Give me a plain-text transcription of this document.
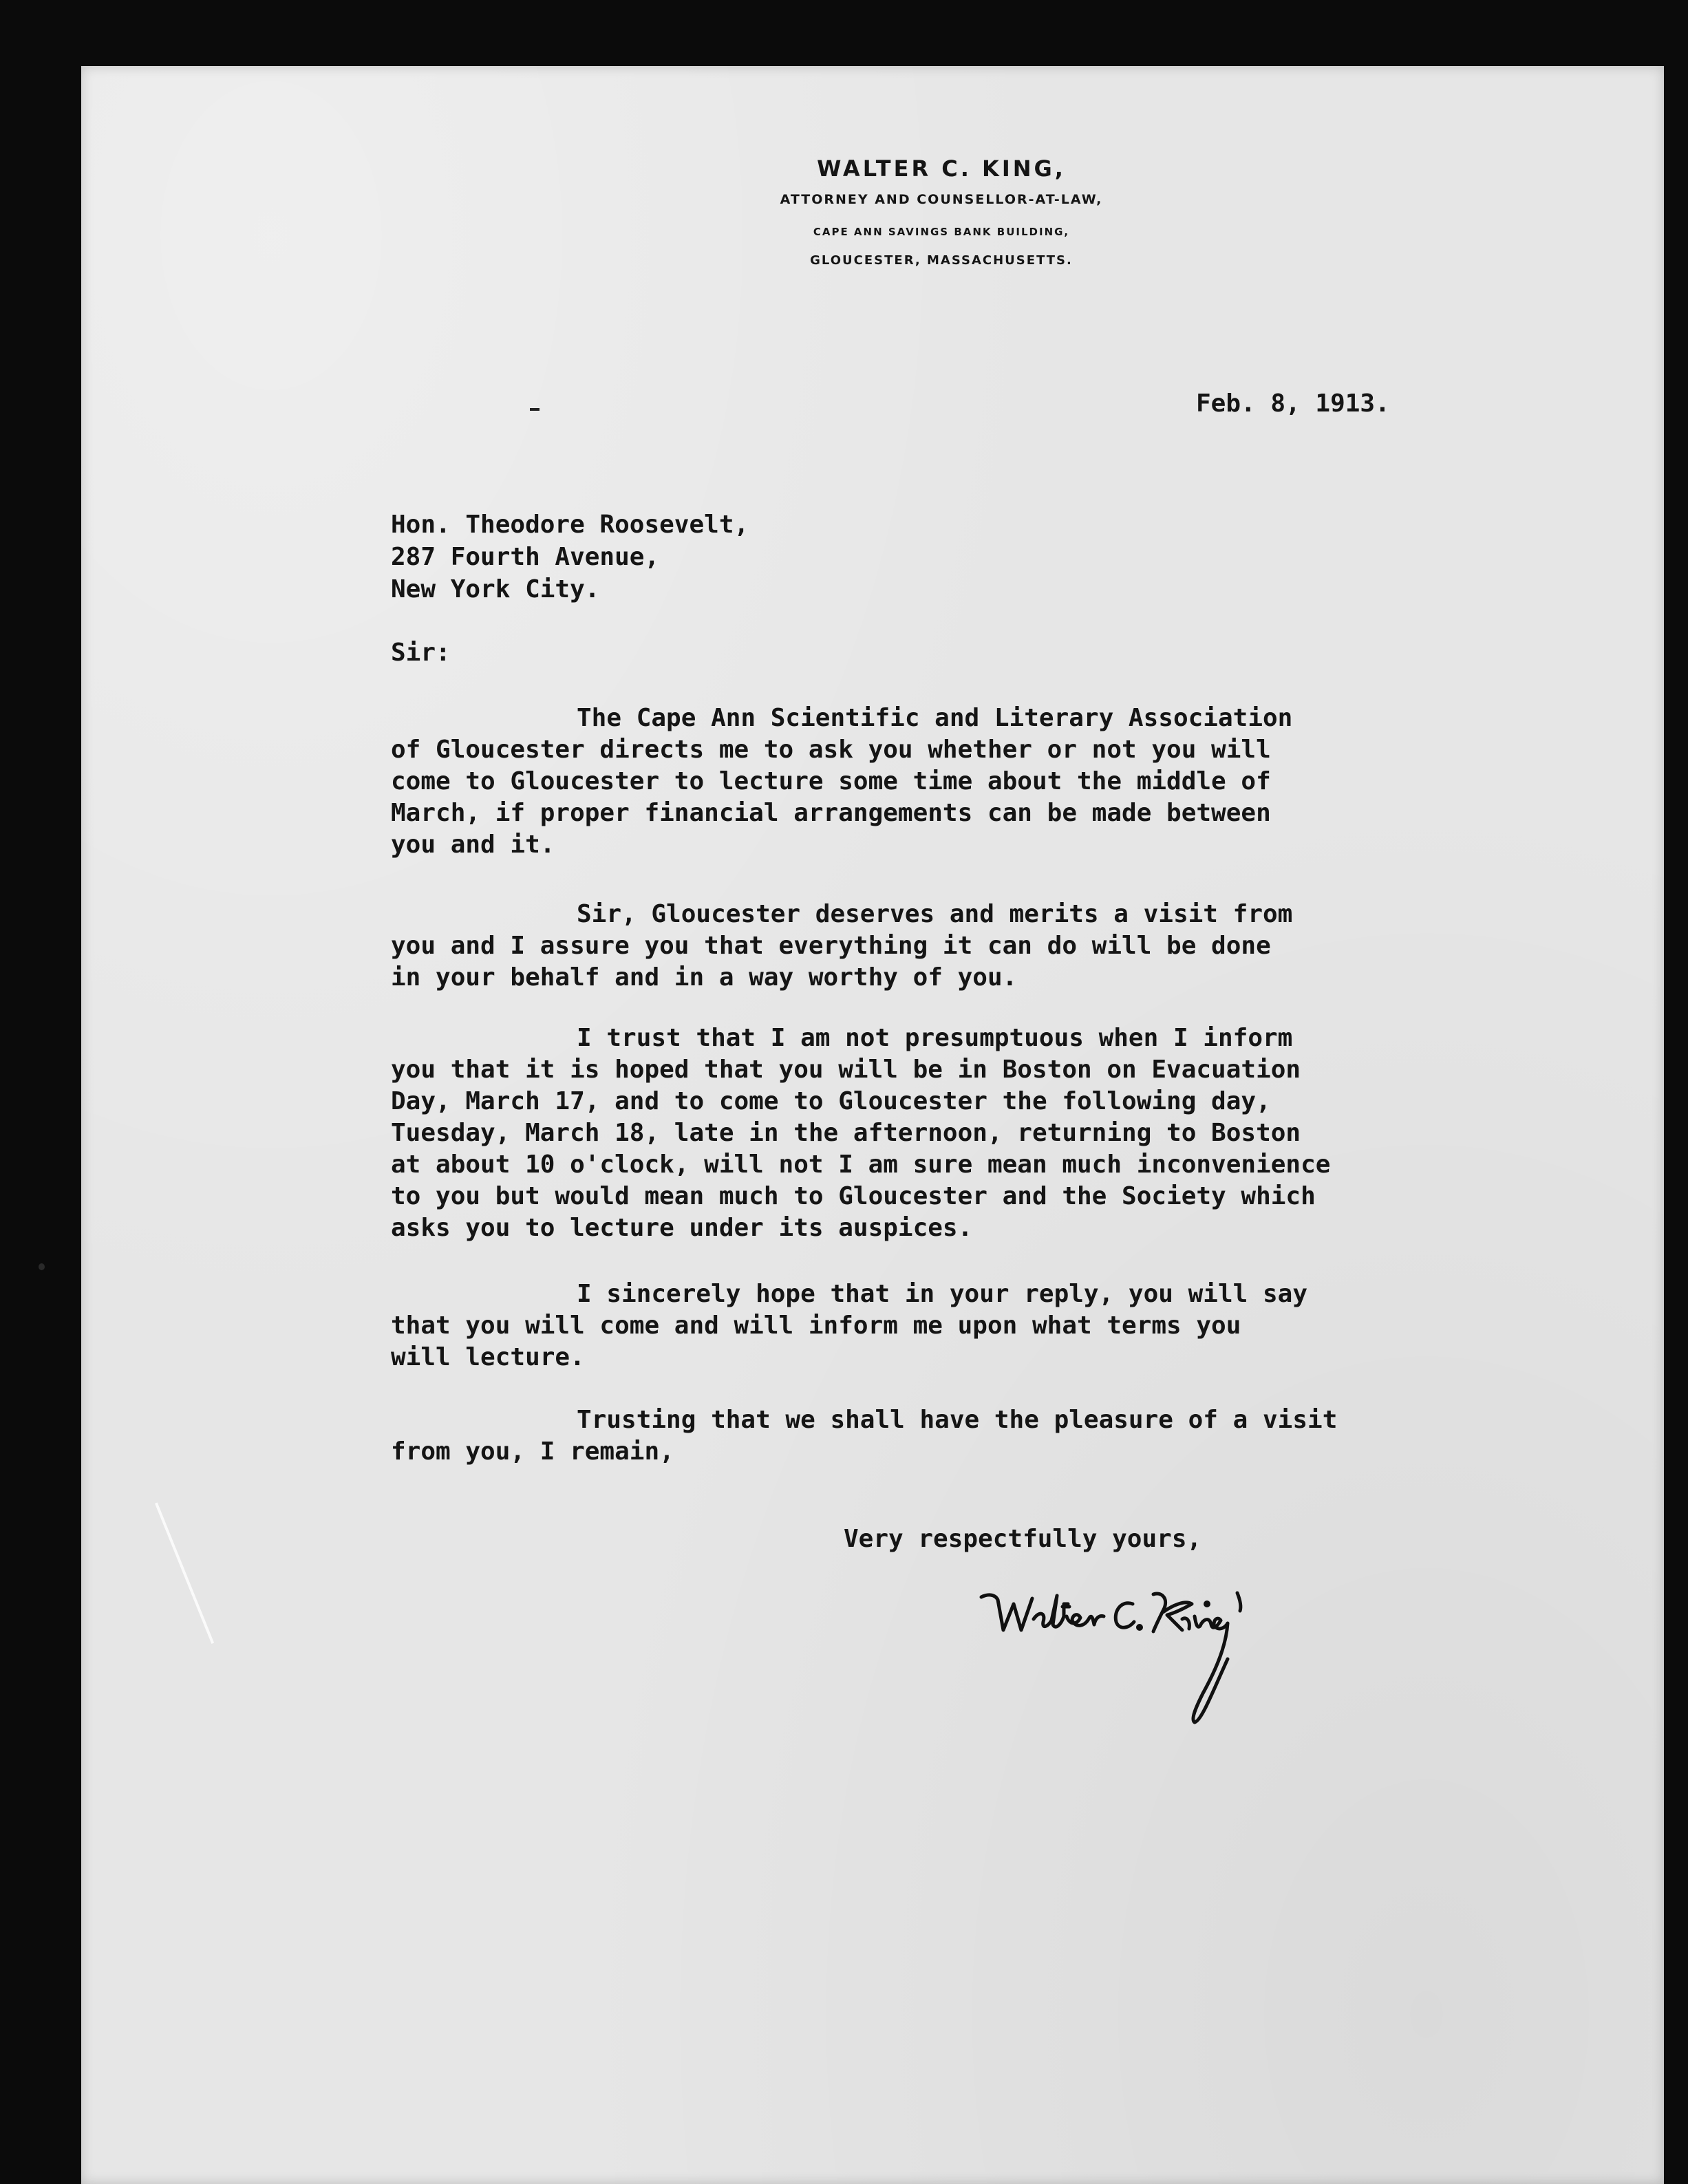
WALTER C. KING,
ATTORNEY AND COUNSELLOR-AT-LAW,
CAPE ANN SAVINGS BANK BUILDING,
GLOUCESTER, MASSACHUSETTS.
Feb. 8, 1913.
Hon. Theodore Roosevelt,
287 Fourth Avenue,
New York City.
Sir:
The Cape Ann Scientific and Literary Association
of Gloucester directs me to ask you whether or not you will
come to Gloucester to lecture some time about the middle of
March, if proper financial arrangements can be made between
you and it.
Sir, Gloucester deserves and merits a visit from
you and I assure you that everything it can do will be done
in your behalf and in a way worthy of you.
I trust that I am not presumptuous when I inform
you that it is hoped that you will be in Boston on Evacuation
Day, March 17, and to come to Gloucester the following day,
Tuesday, March 18, late in the afternoon, returning to Boston
at about 10 o'clock, will not I am sure mean much inconvenience
to you but would mean much to Gloucester and the Society which
asks you to lecture under its auspices.
I sincerely hope that in your reply, you will say
that you will come and will inform me upon what terms you
will lecture.
Trusting that we shall have the pleasure of a visit
from you, I remain,
Very respectfully yours,
